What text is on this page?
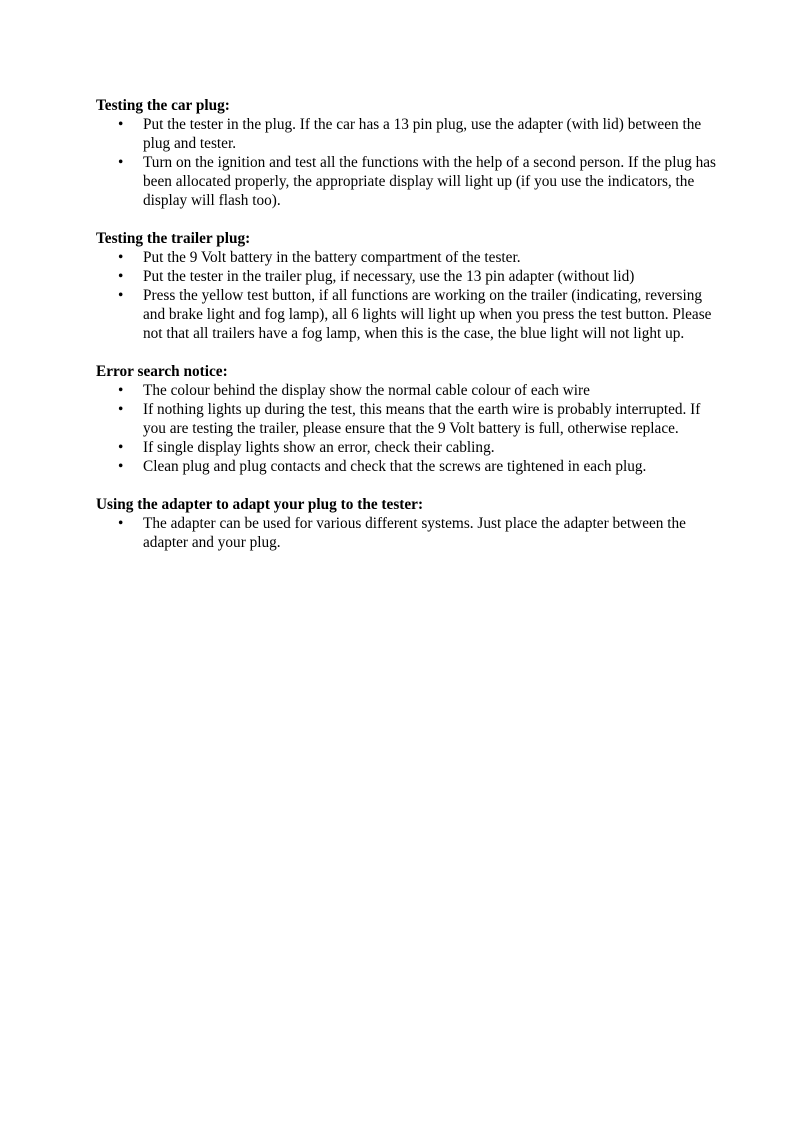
Testing the car plug:

• Put the tester in the plug. If the car has a 13 pin plug, use the adapter (with lid) between the plug and tester.
• Turn on the ignition and test all the functions with the help of a second person. If the plug has been allocated properly, the appropriate display will light up (if you use the indicators, the display will flash too).

Testing the trailer plug:

• Put the 9 Volt battery in the battery compartment of the tester.
• Put the tester in the trailer plug, if necessary, use the 13 pin adapter (without lid)
• Press the yellow test button, if all functions are working on the trailer (indicating, reversing and brake light and fog lamp), all 6 lights will light up when you press the test button. Please not that all trailers have a fog lamp, when this is the case, the blue light will not light up.

Error search notice:

• The colour behind the display show the normal cable colour of each wire
• If nothing lights up during the test, this means that the earth wire is probably interrupted. If you are testing the trailer, please ensure that the 9 Volt battery is full, otherwise replace.
• If single display lights show an error, check their cabling.
• Clean plug and plug contacts and check that the screws are tightened in each plug.

Using the adapter to adapt your plug to the tester:

• The adapter can be used for various different systems. Just place the adapter between the adapter and your plug.
